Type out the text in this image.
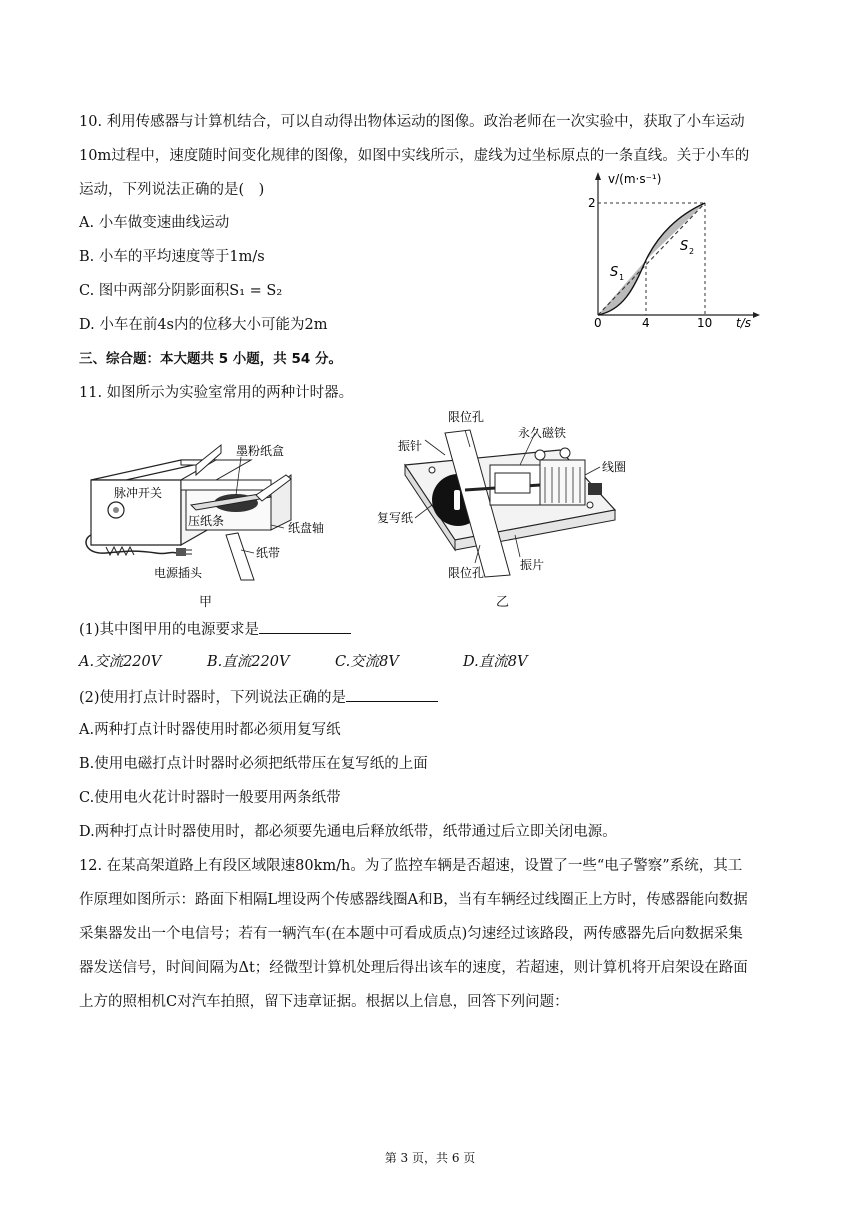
10. 利用传感器与计算机结合，可以自动得出物体运动的图像。政治老师在一次实验中，获取了小车运动
10m过程中，速度随时间变化规律的图像，如图中实线所示，虚线为过坐标原点的一条直线。关于小车的
运动，下列说法正确的是(　)
A. 小车做变速曲线运动
B. 小车的平均速度等于1m/s
C. 图中两部分阴影面积S₁ = S₂
D. 小车在前4s内的位移大小可能为2m
v/(m·s⁻¹)
t/s
2
0	4	10
S 1
S 2
三、综合题：本大题共 5 小题，共 54 分。
11. 如图所示为实验室常用的两种计时器。
墨粉纸盒
脉冲开关
压纸条	纸盘轴
纸带
电源插头
甲
限位孔
振针
永久磁铁
线圈
复写纸
限位孔
振片
乙
(1)其中图甲用的电源要求是
A.交流220V	B.直流220V	C.交流8V	D.直流8V
(2)使用打点计时器时，下列说法正确的是
A.两种打点计时器使用时都必须用复写纸
B.使用电磁打点计时器时必须把纸带压在复写纸的上面
C.使用电火花计时器时一般要用两条纸带
D.两种打点计时器使用时，都必须要先通电后释放纸带，纸带通过后立即关闭电源。
12. 在某高架道路上有段区域限速80km/h。为了监控车辆是否超速，设置了一些“电子警察”系统，其工
作原理如图所示：路面下相隔L埋设两个传感器线圈A和B，当有车辆经过线圈正上方时，传感器能向数据
采集器发出一个电信号；若有一辆汽车(在本题中可看成质点)匀速经过该路段，两传感器先后向数据采集
器发送信号，时间间隔为Δt；经微型计算机处理后得出该车的速度，若超速，则计算机将开启架设在路面
上方的照相机C对汽车拍照，留下违章证据。根据以上信息，回答下列问题：
第 3 页，共 6 页
